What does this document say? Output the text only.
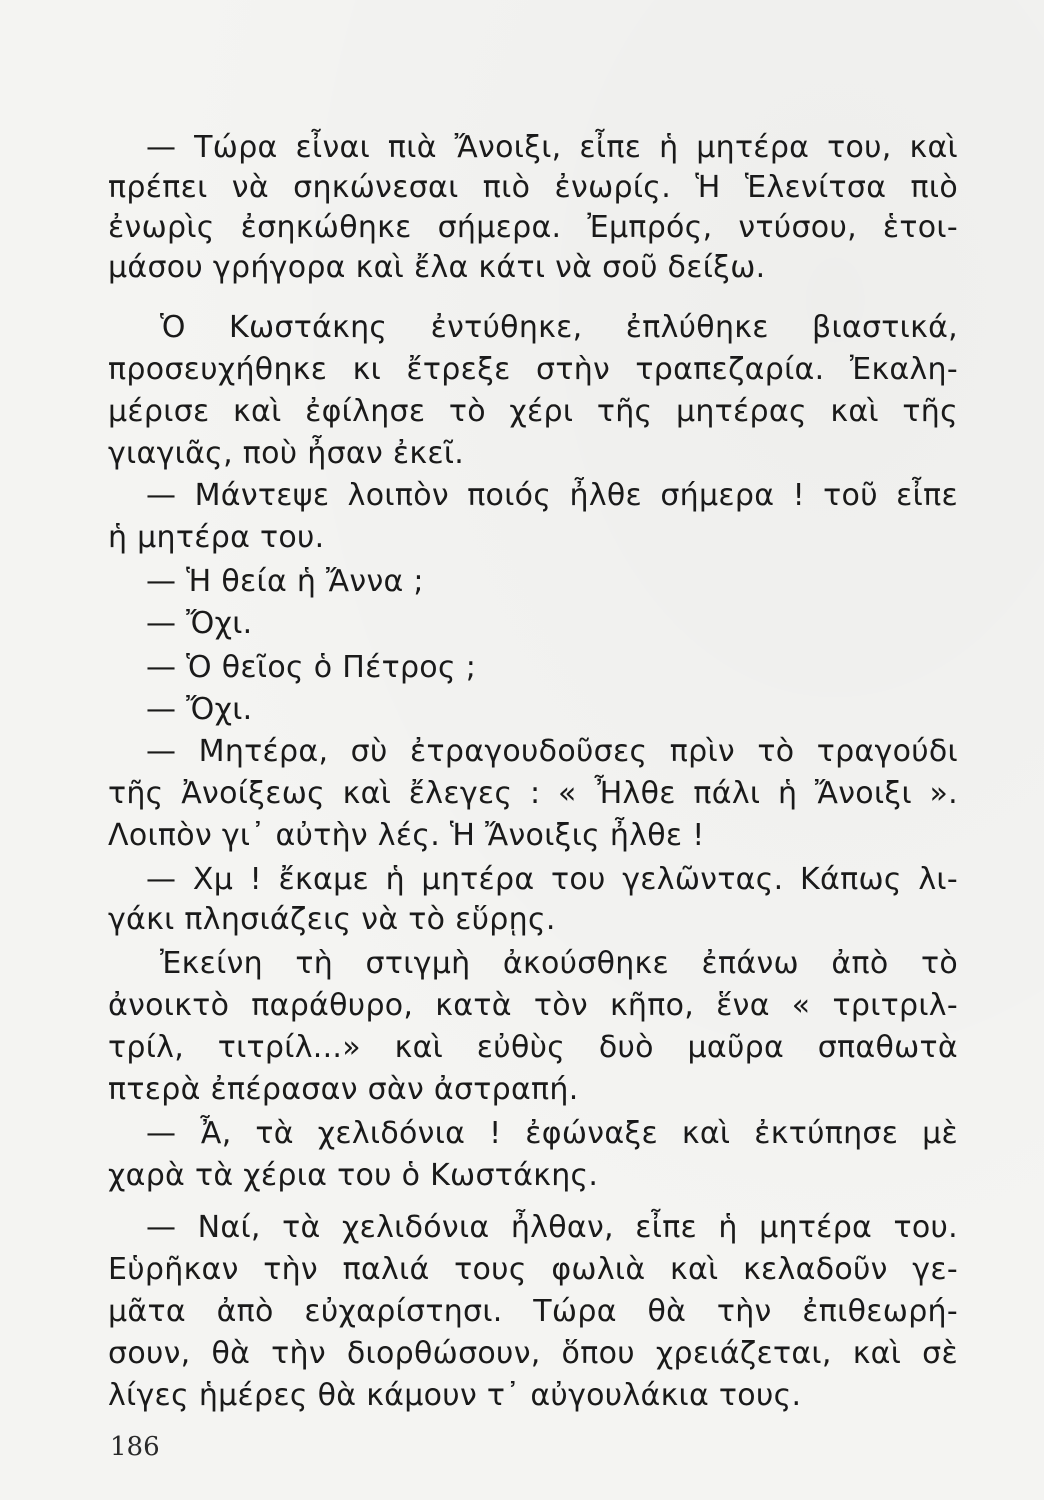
— Τώρα εἶναι πιὰ Ἄνοιξι, εἶπε ἡ μητέρα του, καὶ
πρέπει νὰ σηκώνεσαι πιὸ ἐνωρίς. Ἡ Ἑλενίτσα πιὸ
ἐνωρὶς ἐσηκώθηκε σήμερα. Ἐμπρός, ντύσου, ἑτοι-
μάσου γρήγορα καὶ ἔλα κάτι νὰ σοῦ δείξω.
Ὁ Κωστάκης ἐντύθηκε, ἐπλύθηκε βιαστικά,
προσευχήθηκε κι ἔτρεξε στὴν τραπεζαρία. Ἐκαλη-
μέρισε καὶ ἐφίλησε τὸ χέρι τῆς μητέρας καὶ τῆς
γιαγιᾶς, ποὺ ἦσαν ἐκεῖ.
— Μάντεψε λοιπὸν ποιός ἦλθε σήμερα ! τοῦ εἶπε
ἡ μητέρα του.
— Ἡ θεία ἡ Ἄννα ;
— Ὄχι.
— Ὁ θεῖος ὁ Πέτρος ;
— Ὄχι.
— Μητέρα, σὺ ἐτραγουδοῦσες πρὶν τὸ τραγούδι
τῆς Ἀνοίξεως καὶ ἔλεγες : « Ἦλθε πάλι ἡ Ἄνοιξι ».
Λοιπὸν γι᾿ αὐτὴν λές. Ἡ Ἄνοιξις ἦλθε !
— Χμ ! ἔκαμε ἡ μητέρα του γελῶντας. Κάπως λι-
γάκι πλησιάζεις νὰ τὸ εὕρῃς.
Ἐκείνη τὴ στιγμὴ ἀκούσθηκε ἐπάνω ἀπὸ τὸ
ἀνοικτὸ παράθυρο, κατὰ τὸν κῆπο, ἕνα « τριτριλ-
τρίλ, τιτρίλ...» καὶ εὐθὺς δυὸ μαῦρα σπαθωτὰ
πτερὰ ἐπέρασαν σὰν ἀστραπή.
— Ἆ, τὰ χελιδόνια ! ἐφώναξε καὶ ἐκτύπησε μὲ
χαρὰ τὰ χέρια του ὁ Κωστάκης.
— Ναί, τὰ χελιδόνια ἦλθαν, εἶπε ἡ μητέρα του.
Εὑρῆκαν τὴν παλιά τους φωλιὰ καὶ κελαδοῦν γε-
μᾶτα ἀπὸ εὐχαρίστησι. Τώρα θὰ τὴν ἐπιθεωρή-
σουν, θὰ τὴν διορθώσουν, ὅπου χρειάζεται, καὶ σὲ
λίγες ἡμέρες θὰ κάμουν τ᾿ αὐγουλάκια τους.
186
